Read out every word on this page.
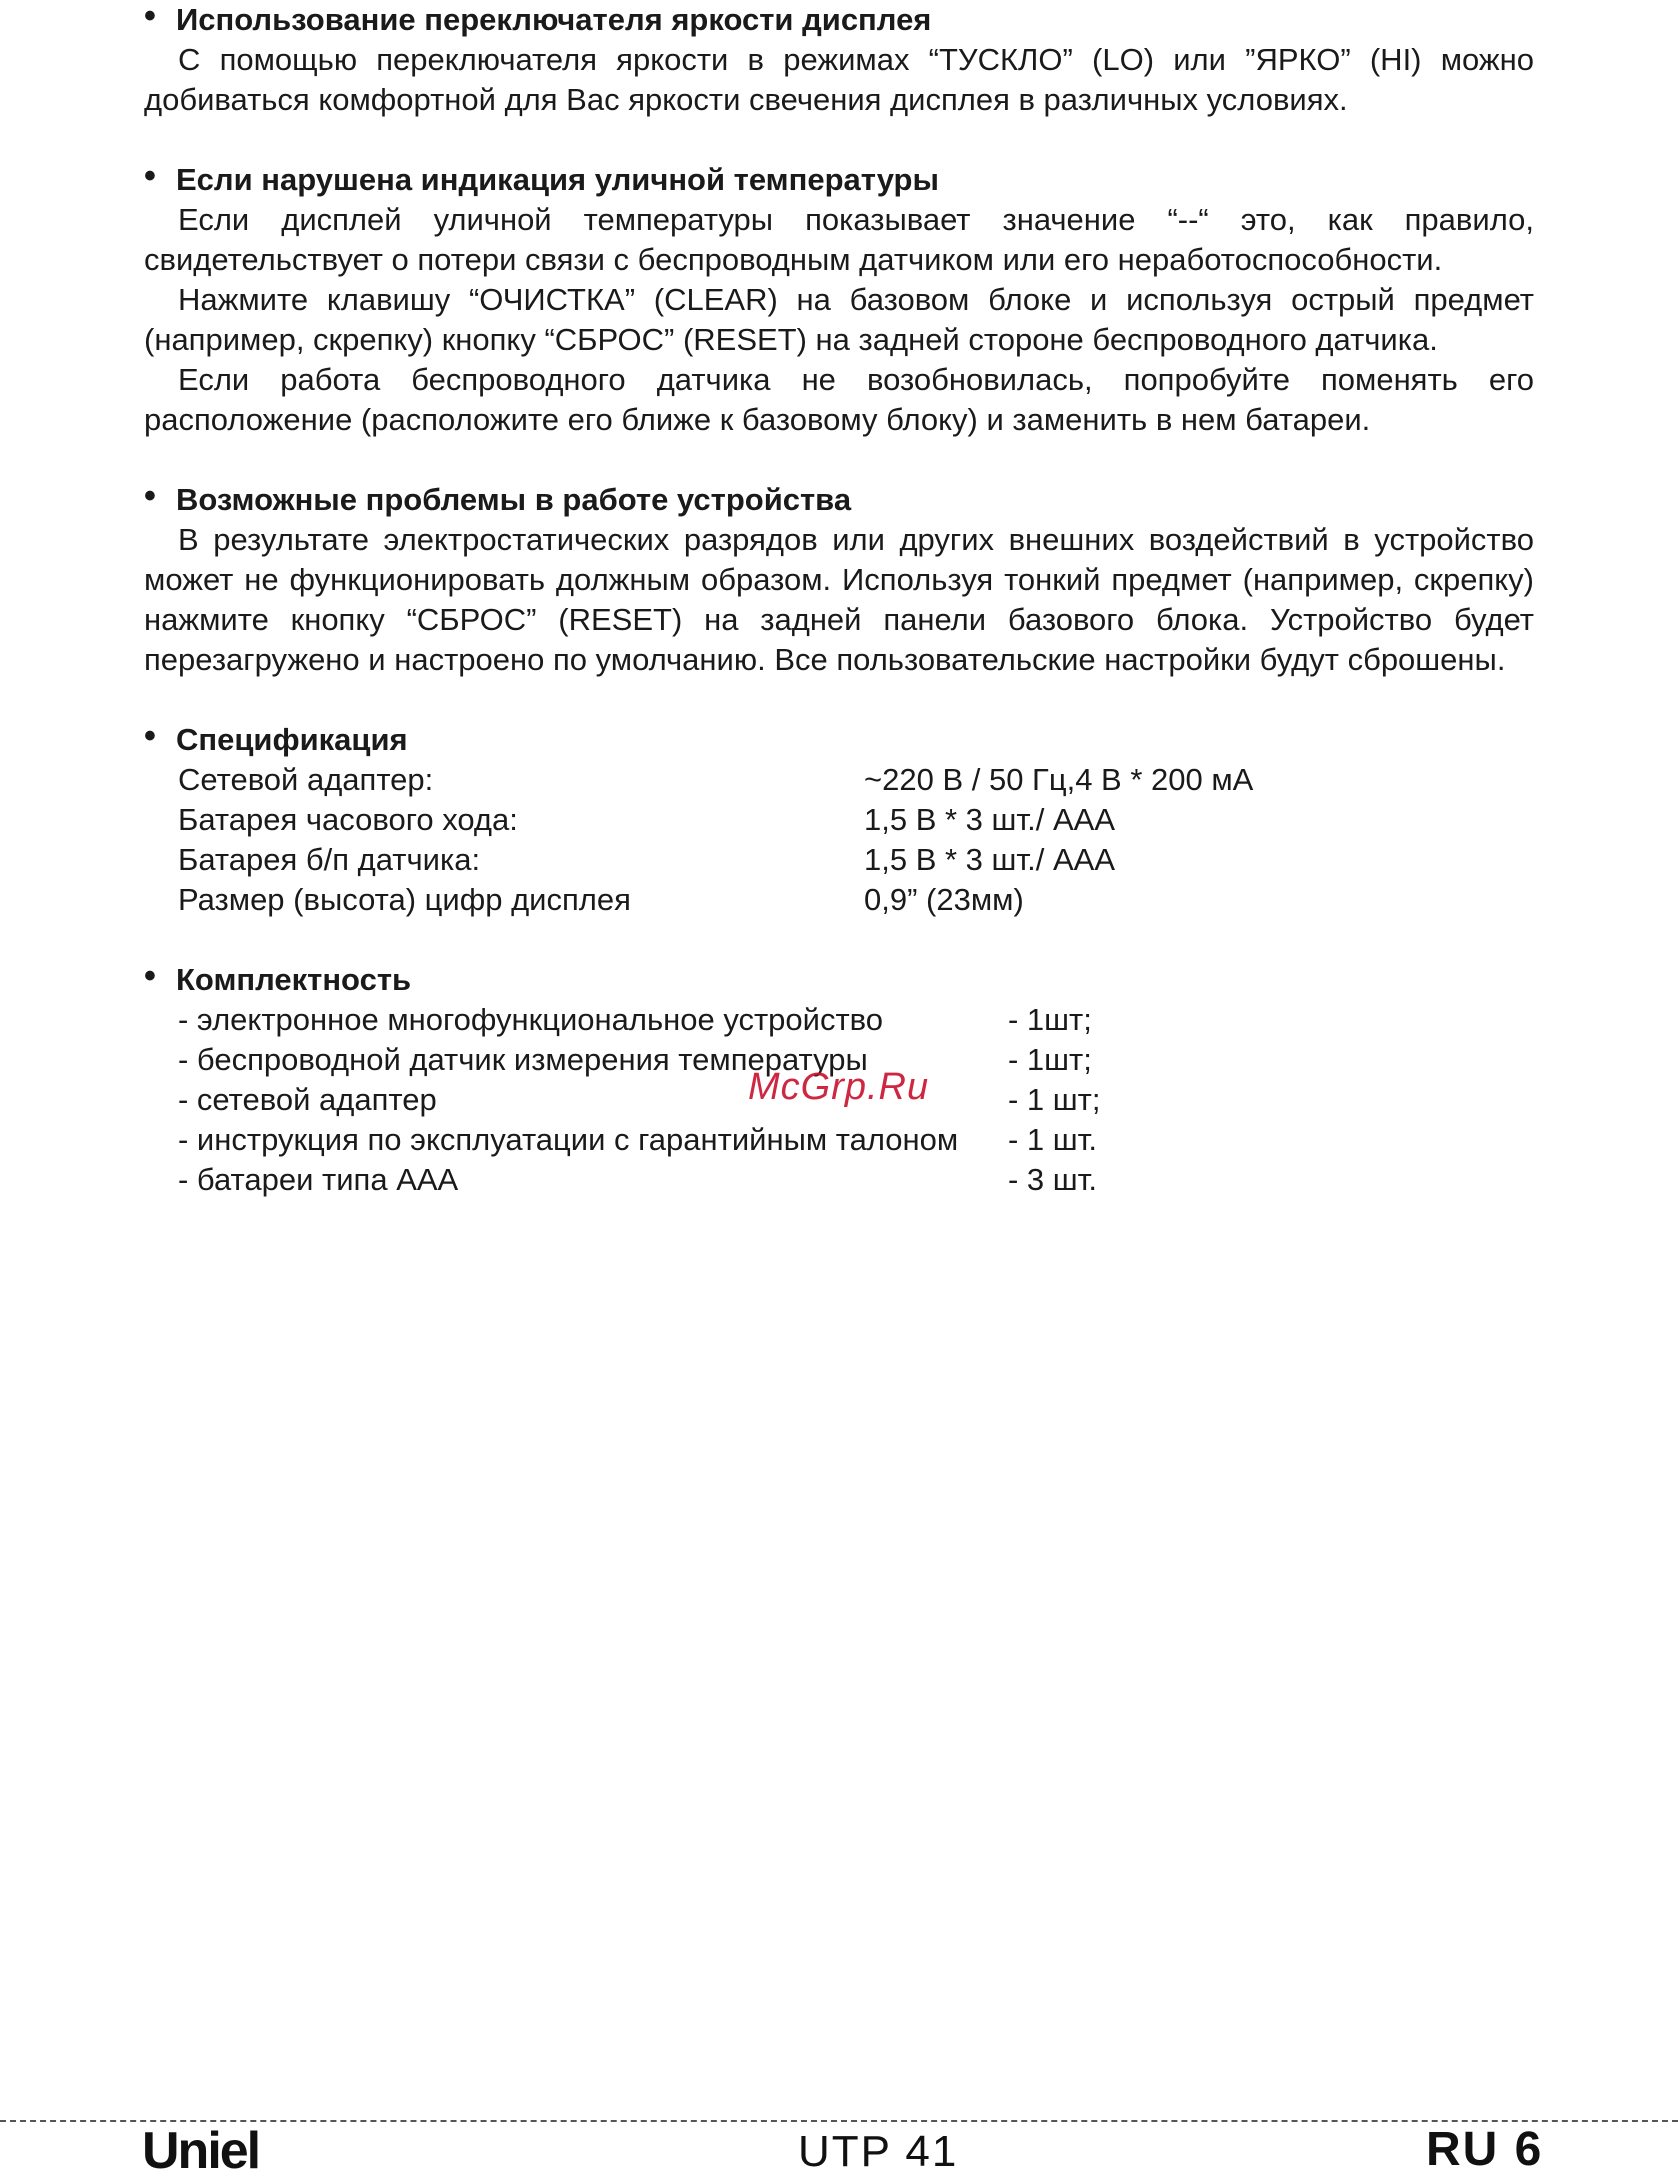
• Использование переключателя яркости дисплея

С помощью переключателя яркости в режимах “ТУСКЛО” (LO) или ”ЯРКО” (HI) можно добиваться комфортной для Вас яркости свечения дисплея в различных условиях.

• Если нарушена индикация уличной температуры

Если дисплей уличной температуры показывает значение “--“ это, как правило, свидетельствует о потери связи с беспроводным датчиком или его неработоспособности.

Нажмите клавишу “ОЧИСТКА” (CLEAR) на базовом блоке и используя острый предмет (например, скрепку) кнопку “СБРОС” (RESET) на задней стороне беспроводного датчика.

Если работа беспроводного датчика не возобновилась, попробуйте поменять его расположение (расположите его ближе к базовому блоку) и заменить в нем батареи.

• Возможные проблемы в работе устройства

В результате электростатических разрядов или других внешних воздействий в устройство может не функционировать должным образом. Используя тонкий предмет (например, скрепку) нажмите кнопку “СБРОС” (RESET) на задней панели базового блока. Устройство будет перезагружено и настроено по умолчанию. Все пользовательские настройки будут сброшены.

• Спецификация
Сетевой адаптер:	~220 В / 50 Гц,4 В * 200 мА
Батарея часового хода:	1,5 В * 3 шт./ AAA
Батарея б/п датчика:	1,5 В * 3 шт./ AAA
Размер (высота) цифр дисплея	0,9” (23мм)
• Комплектность
- электронное многофункциональное устройство	- 1шт;
- беспроводной датчик измерения температуры	- 1шт;
- сетевой адаптер	- 1 шт;
- инструкция по эксплуатации с гарантийным талоном - 1 шт.
- батареи типа AAA	- 3 шт.
McGrp.Ru
Uniel	UTP 41	RU 6
